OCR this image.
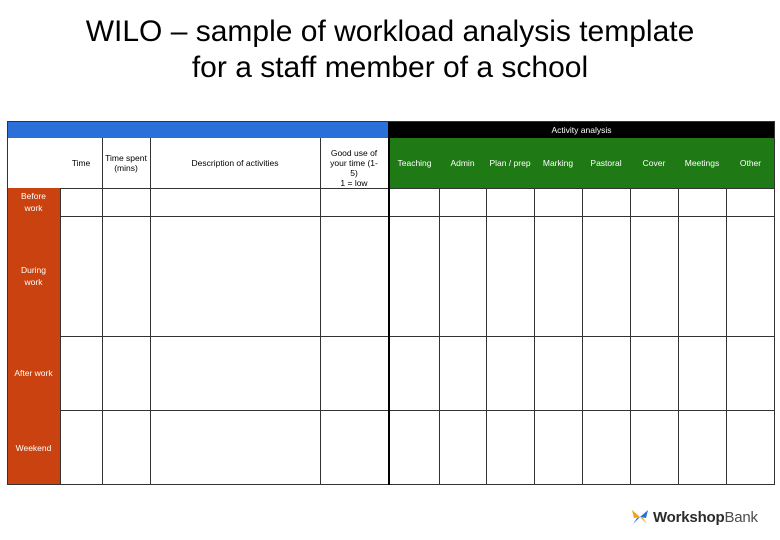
WILO – sample of workload analysis template
for a staff member of a school
Activity analysis
Time Time spent (mins)	Description of activities
Good use of your time (1-5)
1 = low
Teaching Admin Plan / prep Marking Pastoral Cover Meetings Other
Before work
During work
After work
Weekend
WorkshopBank
